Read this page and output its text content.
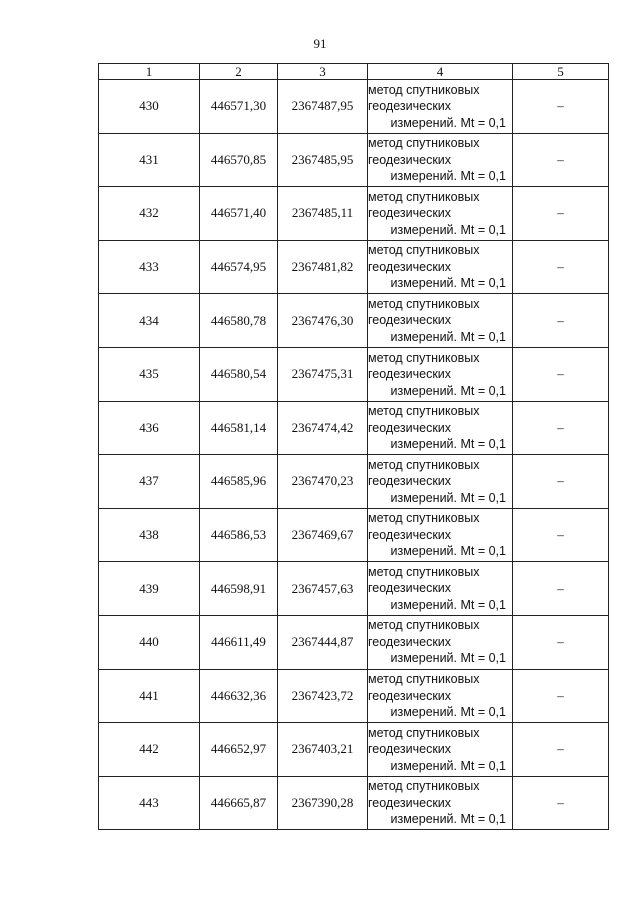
91
1	2	3	4	5
430	446571,30	2367487,95	метод спутниковых
геодезических
измерений. Mt = 0,1	–
431	446570,85	2367485,95	метод спутниковых
геодезических
измерений. Mt = 0,1	–
432	446571,40	2367485,11	метод спутниковых
геодезических
измерений. Mt = 0,1	–
433	446574,95	2367481,82	метод спутниковых
геодезических
измерений. Mt = 0,1	–
434	446580,78	2367476,30	метод спутниковых
геодезических
измерений. Mt = 0,1	–
435	446580,54	2367475,31	метод спутниковых
геодезических
измерений. Mt = 0,1	–
436	446581,14	2367474,42	метод спутниковых
геодезических
измерений. Mt = 0,1	–
437	446585,96	2367470,23	метод спутниковых
геодезических
измерений. Mt = 0,1	–
438	446586,53	2367469,67	метод спутниковых
геодезических
измерений. Mt = 0,1	–
439	446598,91	2367457,63	метод спутниковых
геодезических
измерений. Mt = 0,1	–
440	446611,49	2367444,87	метод спутниковых
геодезических
измерений. Mt = 0,1	–
441	446632,36	2367423,72	метод спутниковых
геодезических
измерений. Mt = 0,1	–
442	446652,97	2367403,21	метод спутниковых
геодезических
измерений. Mt = 0,1	–
443	446665,87	2367390,28	метод спутниковых
геодезических
измерений. Mt = 0,1	–
